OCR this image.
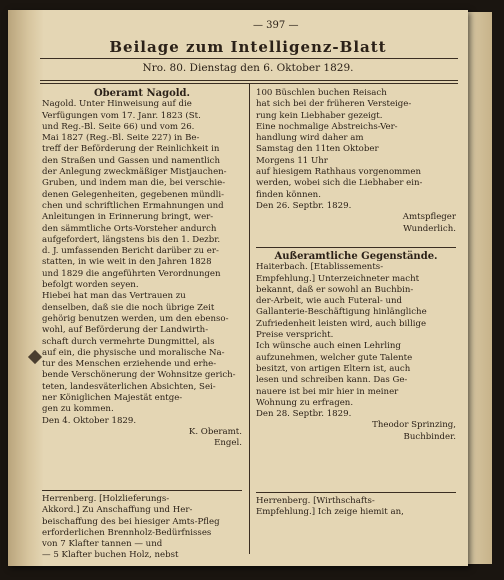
— 397 —
Beilage zum Intelligenz-Blatt
Nro. 80. Dienstag den 6. Oktober 1829.

Oberamt Nagold.

Nagold. Unter Hinweisung auf die

Verfügungen vom 17. Janr. 1823 (St.

und Reg.-Bl. Seite 66) und vom 26.

Mai 1827 (Reg.-Bl. Seite 227) in Be-

treff der Beförderung der Reinlichkeit in

den Straßen und Gassen und namentlich

der Anlegung zweckmäßiger Mistjauchen-

Gruben, und indem man die, bei verschie-

denen Gelegenheiten, gegebenen mündli-

chen und schriftlichen Ermahnungen und

Anleitungen in Erinnerung bringt, wer-

den sämmtliche Orts-Vorsteher andurch

aufgefordert, längstens bis den 1. Dezbr.

d. J. umfassenden Bericht darüber zu er-

statten, in wie weit in den Jahren 1828

und 1829 die angeführten Verordnungen

befolgt worden seyen.

Hiebei hat man das Vertrauen zu

denselben, daß sie die noch übrige Zeit

gehörig benutzen werden, um den ebenso-

wohl, auf Beförderung der Landwirth-

schaft durch vermehrte Dungmittel, als

auf ein, die physische und moralische Na-

tur des Menschen erziehende und erhe-

bende Verschönerung der Wohnsitze gerich-

teten, landesväterlichen Absichten, Sei-

ner Königlichen Majestät entge-

gen zu kommen.

Den 4. Oktober 1829.

K. Oberamt.

Engel.

Herrenberg. [Holzlieferungs-

Akkord.] Zu Anschaffung und Her-

beischaffung des bei hiesiger Amts-Pfleg

erforderlichen Brennholz-Bedürfnisses

von 7 Klafter tannen — und

— 5 Klafter buchen Holz, nebst

100 Büschlen buchen Reisach

hat sich bei der früheren Versteige-

rung kein Liebhaber gezeigt.

Eine nochmalige Abstreichs-Ver-

handlung wird daher am

Samstag den 11ten Oktober

Morgens 11 Uhr

auf hiesigem Rathhaus vorgenommen

werden, wobei sich die Liebhaber ein-

finden können.

Den 26. Septbr. 1829.

Amtspfleger

Wunderlich.

Außeramtliche Gegenstände.

Haiterbach. [Etablissements-

Empfehlung.] Unterzeichneter macht

bekannt, daß er sowohl an Buchbin-

der-Arbeit, wie auch Futeral- und

Gallanterie-Beschäftigung hinlängliche

Zufriedenheit leisten wird, auch billige

Preise verspricht.

Ich wünsche auch einen Lehrling

aufzunehmen, welcher gute Talente

besitzt, von artigen Eltern ist, auch

lesen und schreiben kann. Das Ge-

nauere ist bei mir hier in meiner

Wohnung zu erfragen.

Den 28. Septbr. 1829.

Theodor Sprinzing,

Buchbinder.

Herrenberg. [Wirthschafts-

Empfehlung.] Ich zeige hiemit an,
